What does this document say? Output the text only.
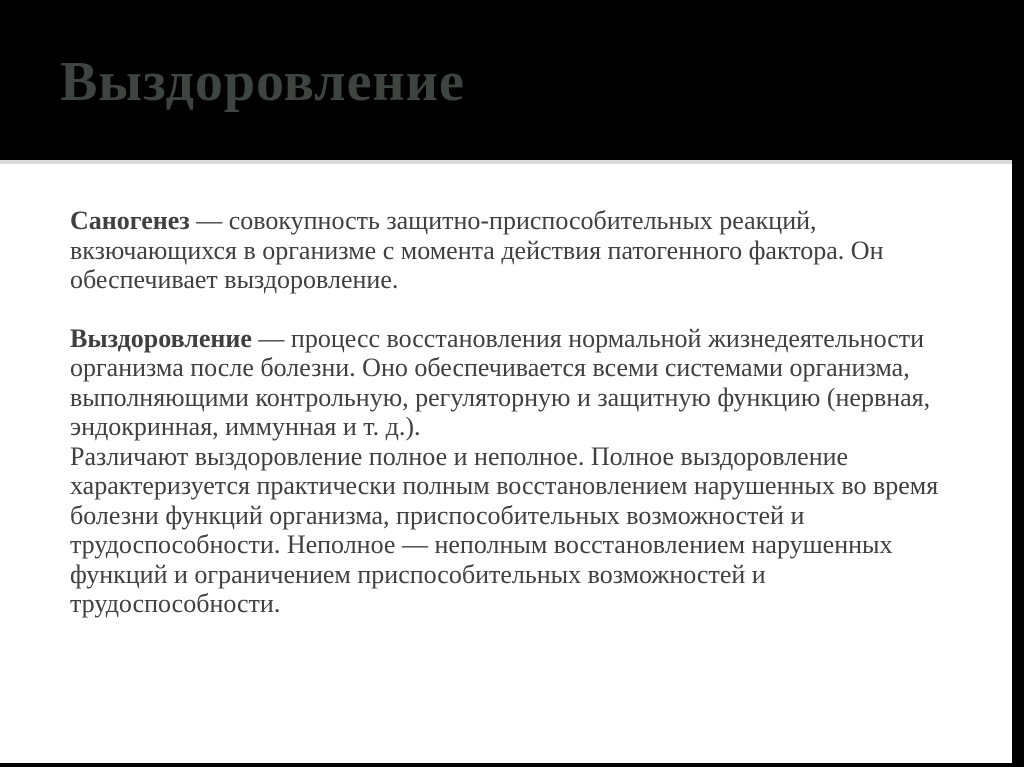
Выздоровление

Саногенез — совокупность защитно-приспособительных реакций, вкзючающихся в организме с момента действия патогенного фактора. Он обеспечивает выздоровление.

Выздоровление — процесс восстановления нормальной жизнедеятельности организма после болезни. Оно обеспечивается всеми системами организма, выполняющими контрольную, регуляторную и защитную функцию (нервная, эндокринная, иммунная и т. д.).

Различают выздоровление полное и неполное. Полное выздоровление характеризуется практически полным восстановлением нарушенных во время болезни функций организма, приспособительных возможностей и трудоспособности. Неполное — неполным восстановлением нарушенных функций и ограничением приспособительных возможностей и трудоспособности.
